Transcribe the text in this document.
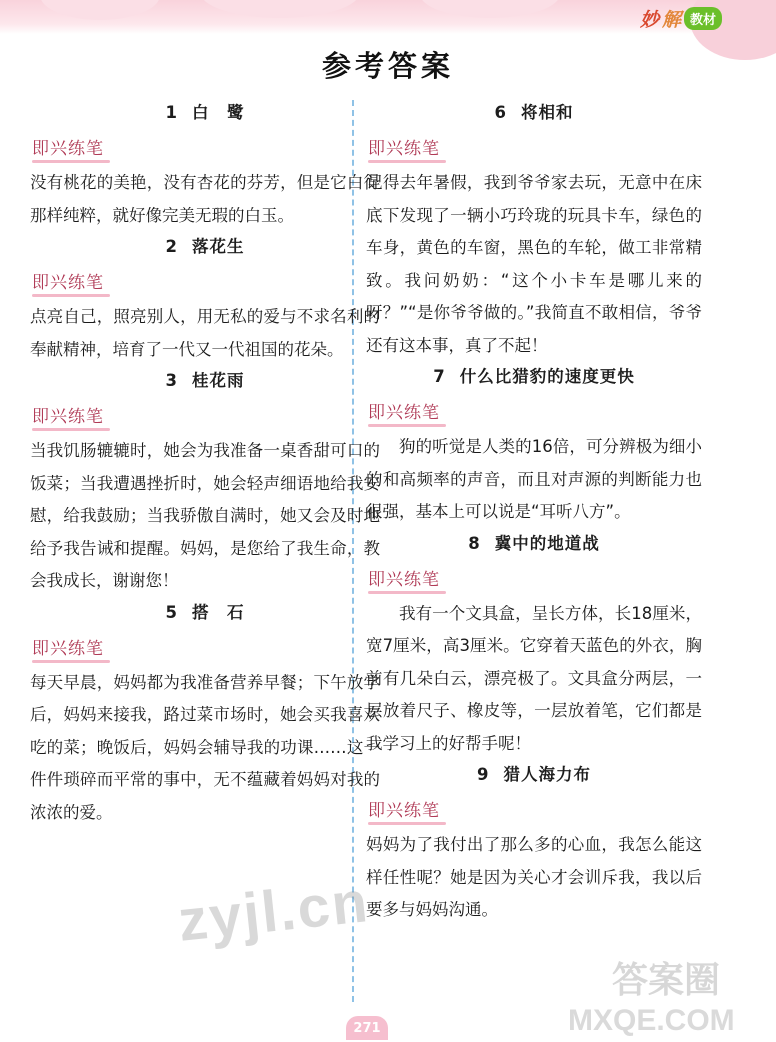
妙 解 教材
参考答案
1 白　鹭
即兴练笔

没有桃花的美艳，没有杏花的芬芳，但是它白得那样纯粹，就好像完美无瑕的白玉。

2 落花生
即兴练笔

点亮自己，照亮别人，用无私的爱与不求名利的奉献精神，培育了一代又一代祖国的花朵。

3 桂花雨
即兴练笔

当我饥肠辘辘时，她会为我准备一桌香甜可口的饭菜；当我遭遇挫折时，她会轻声细语地给我安慰，给我鼓励；当我骄傲自满时，她又会及时地给予我告诫和提醒。妈妈，是您给了我生命，教会我成长，谢谢您！

5 搭　石
即兴练笔

每天早晨，妈妈都为我准备营养早餐；下午放学后，妈妈来接我，路过菜市场时，她会买我喜欢吃的菜；晚饭后，妈妈会辅导我的功课……这一件件琐碎而平常的事中，无不蕴藏着妈妈对我的浓浓的爱。

6 将相和
即兴练笔

记得去年暑假，我到爷爷家去玩，无意中在床底下发现了一辆小巧玲珑的玩具卡车，绿色的车身，黄色的车窗，黑色的车轮，做工非常精致。我问奶奶：“这个小卡车是哪儿来的呀？”“是你爷爷做的。”我简直不敢相信，爷爷还有这本事，真了不起！

7 什么比猎豹的速度更快
即兴练笔

狗的听觉是人类的16倍，可分辨极为细小的和高频率的声音，而且对声源的判断能力也很强，基本上可以说是“耳听八方”。

8 冀中的地道战
即兴练笔

我有一个文具盒，呈长方体，长18厘米，宽7厘米，高3厘米。它穿着天蓝色的外衣，胸前有几朵白云，漂亮极了。文具盒分两层，一层放着尺子、橡皮等，一层放着笔，它们都是我学习上的好帮手呢！

9 猎人海力布
即兴练笔

妈妈为了我付出了那么多的心血，我怎么能这样任性呢？她是因为关心才会训斥我，我以后要多与妈妈沟通。

271
zyjl.cn
答案圈
MXQE.COM
